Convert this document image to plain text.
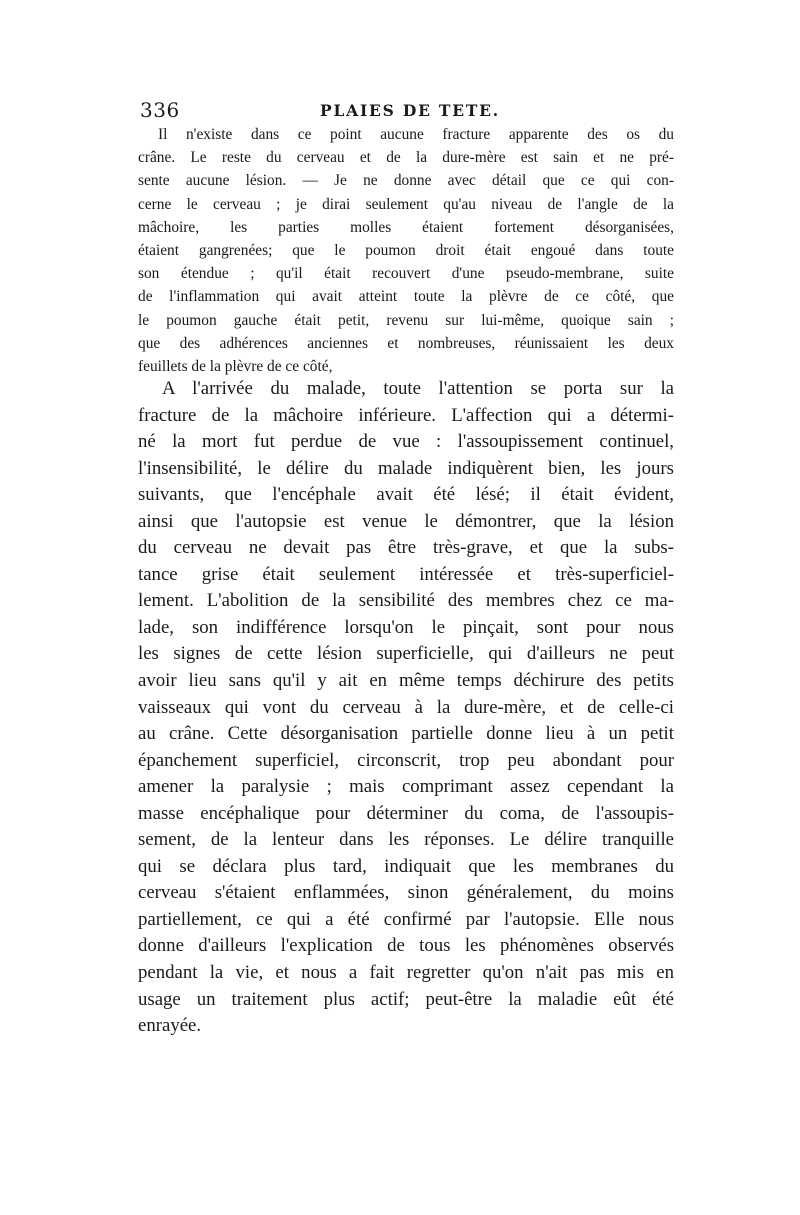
336	PLAIES DE TETE.
Il n'existe dans ce point aucune fracture apparente des os du
crâne. Le reste du cerveau et de la dure-mère est sain et ne pré-
sente aucune lésion. — Je ne donne avec détail que ce qui con-
cerne le cerveau ; je dirai seulement qu'au niveau de l'angle de la
mâchoire, les parties molles étaient fortement désorganisées,
étaient gangrenées; que le poumon droit était engoué dans toute
son étendue ; qu'il était recouvert d'une pseudo-membrane, suite
de l'inflammation qui avait atteint toute la plèvre de ce côté, que
le poumon gauche était petit, revenu sur lui-même, quoique sain ;
que des adhérences anciennes et nombreuses, réunissaient les deux
feuillets de la plèvre de ce côté,
A l'arrivée du malade, toute l'attention se porta sur la
fracture de la mâchoire inférieure. L'affection qui a détermi-
né la mort fut perdue de vue : l'assoupissement continuel,
l'insensibilité, le délire du malade indiquèrent bien, les jours
suivants, que l'encéphale avait été lésé; il était évident,
ainsi que l'autopsie est venue le démontrer, que la lésion
du cerveau ne devait pas être très-grave, et que la subs-
tance grise était seulement intéressée et très-superficiel-
lement. L'abolition de la sensibilité des membres chez ce ma-
lade, son indifférence lorsqu'on le pinçait, sont pour nous
les signes de cette lésion superficielle, qui d'ailleurs ne peut
avoir lieu sans qu'il y ait en même temps déchirure des petits
vaisseaux qui vont du cerveau à la dure-mère, et de celle-ci
au crâne. Cette désorganisation partielle donne lieu à un petit
épanchement superficiel, circonscrit, trop peu abondant pour
amener la paralysie ; mais comprimant assez cependant la
masse encéphalique pour déterminer du coma, de l'assoupis-
sement, de la lenteur dans les réponses. Le délire tranquille
qui se déclara plus tard, indiquait que les membranes du
cerveau s'étaient enflammées, sinon généralement, du moins
partiellement, ce qui a été confirmé par l'autopsie. Elle nous
donne d'ailleurs l'explication de tous les phénomènes observés
pendant la vie, et nous a fait regretter qu'on n'ait pas mis en
usage un traitement plus actif; peut-être la maladie eût été
enrayée.
